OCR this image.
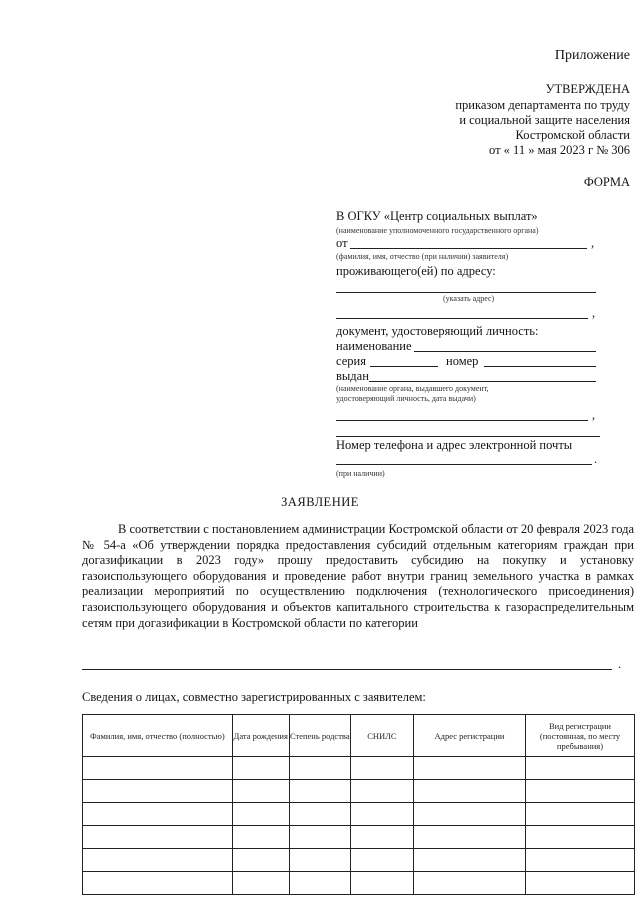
Приложение
УТВЕРЖДЕНА
приказом департамента по труду
и социальной защите населения
Костромской области
от « 11 » мая 2023 г № 306
ФОРМА
В ОГКУ «Центр социальных выплат»
(наименование уполномоченного государственного органа)
от	,
(фамилия, имя, отчество (при наличии) заявителя)
проживающего(ей) по адресу:
(указать адрес)
,
документ, удостоверяющий личность:
наименование
серия	номер
выдан
(наименование органа, выдавшего документ,
удостоверяющий личность, дата выдачи)
,
Номер телефона и адрес электронной почты
.
(при наличии)
ЗАЯВЛЕНИЕ
В соответствии с постановлением администрации Костромской области от 20 февраля 2023 года № 54-а «Об утверждении порядка предоставления субсидий отдельным категориям граждан при догазификации в 2023 году» прошу предоставить субсидию на покупку и установку газоиспользующего оборудования и проведение работ внутри границ земельного участка в рамках реализации мероприятий по осуществлению подключения (технологического присоединения) газоиспользующего оборудования и объектов капитального строительства к газораспределительным сетям при догазификации в Костромской области по категории
.
Сведения о лицах, совместно зарегистрированных с заявителем:
Фамилия, имя, отчество (полностью)	Дата рождения	Степень родства	СНИЛС	Адрес регистрации	Вид регистрации (постоянная, по месту пребывания)
